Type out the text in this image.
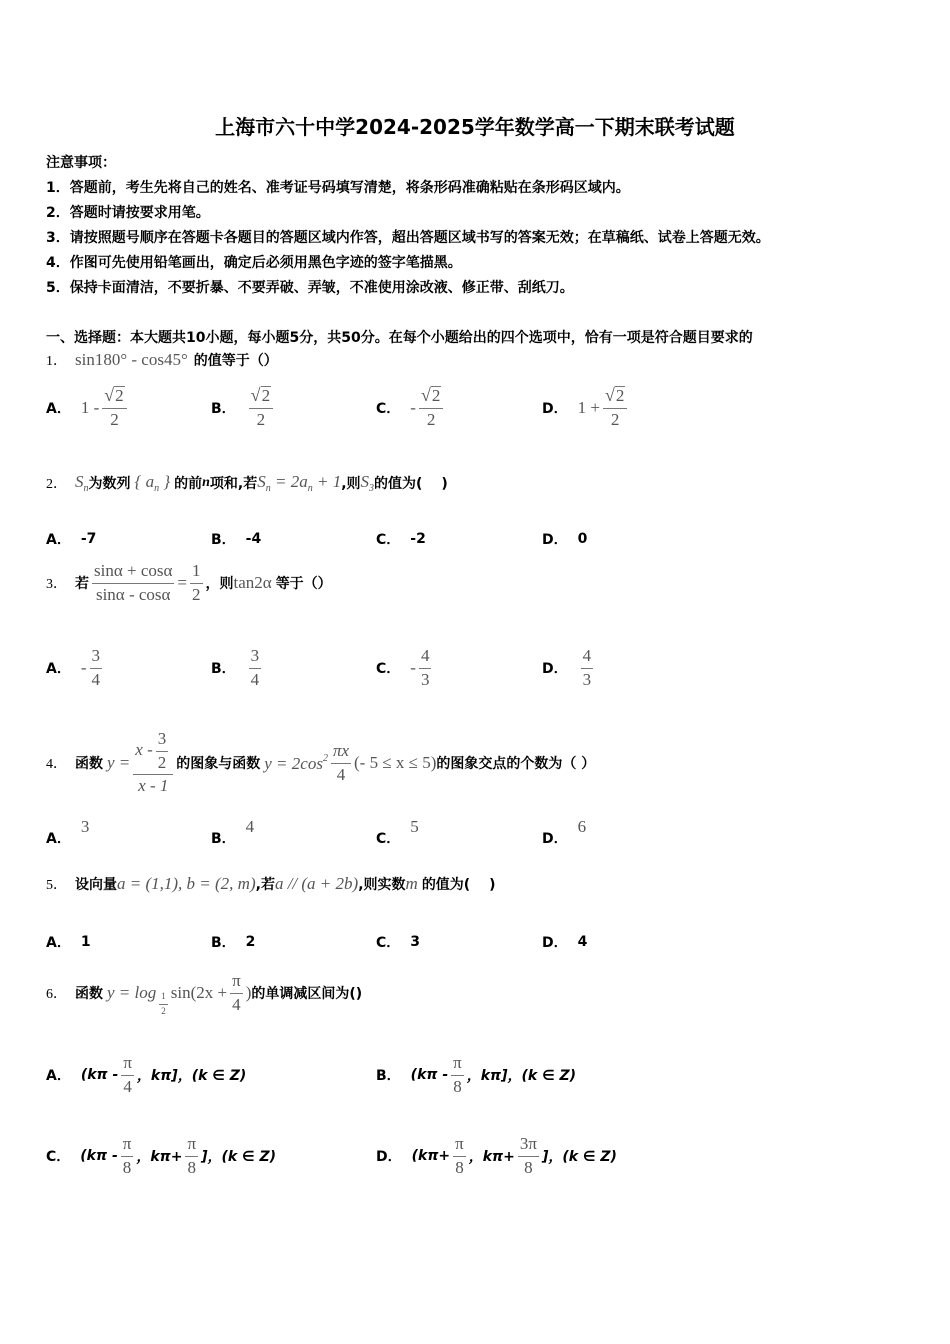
上海市六十中学2024-2025学年数学高一下期末联考试题
注意事项：
1．答题前，考生先将自己的姓名、准考证号码填写清楚，将条形码准确粘贴在条形码区域内。
2．答题时请按要求用笔。
3．请按照题号顺序在答题卡各题目的答题区域内作答，超出答题区域书写的答案无效；在草稿纸、试卷上答题无效。
4．作图可先使用铅笔画出，确定后必须用黑色字迹的签字笔描黑。
5．保持卡面清洁，不要折暴、不要弄破、弄皱，不准使用涂改液、修正带、刮纸刀。
一、选择题：本大题共10小题，每小题5分，共50分。在每个小题给出的四个选项中，恰有一项是符合题目要求的
1． sin180° - cos45° 的值等于（）
A． $1 - \frac{√ 2}{2}$	B． $\frac{√ 2}{2}$	C． - $\frac{√ 2}{2}$	D． $1 + \frac{√ 2}{2}$
2． $S_n$ 为数列 { $a_n$ } 的前 n 项和,若 $S_n = 2a_n + 1$ ,则 $S_3$ 的值为(　 )
A． -7	B． -4	C． -2	D． 0
3． 若 $\frac{\sin\alpha + \cos\alpha}{\sin\alpha - \cos\alpha} = \frac{1}{2}$ ，则 tan2α 等于（）
A． - $\frac{3}{4}$	B． $\frac{3}{4}$	C． - $\frac{4}{3}$	D． $\frac{4}{3}$
4． 函数 $y = \frac{x - \frac{3}{2}}{x - 1}$ 的图象与函数 $y = 2\cos^2 \frac{\pi x}{4}$ (- 5 ≤ x ≤ 5) 的图象交点的个数为（ ）
A．
3
B．
4
C．
5
D．
6
5． 设向量 a = (1,1), b = (2, m) ,若 a // (a + 2b) ,则实数 m 的值为(　 )
A． 1	B． 2	C． 3	D． 4
6． 函数 $y = \log \frac{1}{2} \sin(2x + \frac{\pi}{4}$ ) 的单调减区间为()
A． ($k\pi - \frac{\pi}{4}$ ，kπ]，(k ∈ Z)	B． ($k\pi - \frac{\pi}{8}$ ，kπ]，(k ∈ Z)
C． ($k\pi - \frac{\pi}{8}$ ，$k\pi+ \frac{\pi}{8}$ ]，(k ∈ Z)	D． ($k\pi+ \frac{\pi}{8}$ ，$k\pi+ \frac{3\pi}{8}$ ]，(k ∈ Z)
